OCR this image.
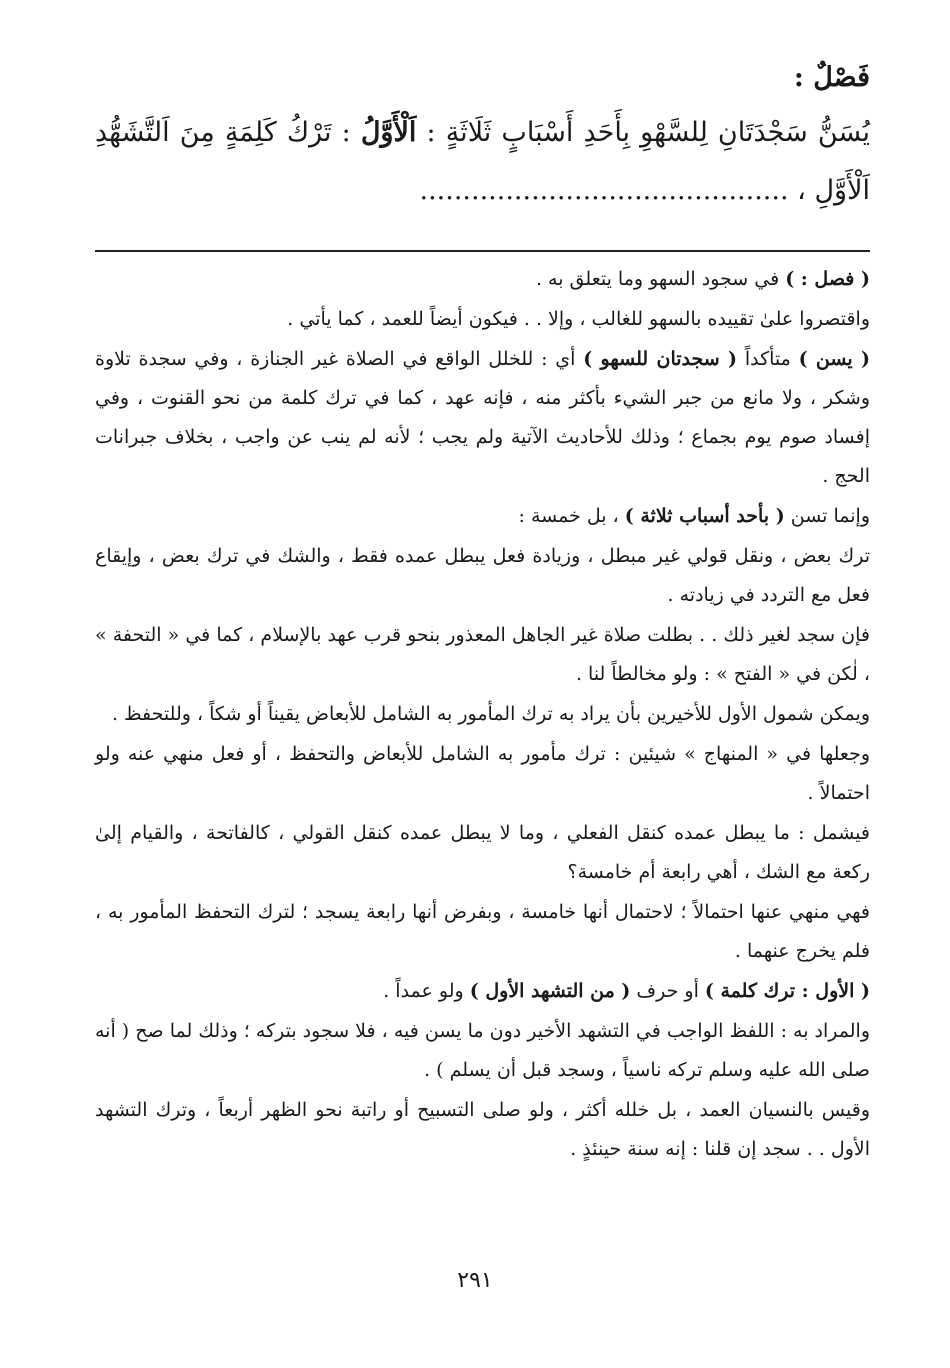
فَصْلٌ :
يُسَنُّ سَجْدَتَانِ لِلسَّهْوِ بِأَحَدِ أَسْبَابٍ ثَلَاثَةٍ : اَلْأَوَّلُ : تَرْكُ كَلِمَةٍ مِنَ اَلتَّشَهُّدِ اَلْأَوَّلِ ، ...........................................

( فصل : ) في سجود السهو وما يتعلق به .

واقتصروا علىٰ تقييده بالسهو للغالب ، وإلا . . فيكون أيضاً للعمد ، كما يأتي .

( يسن ) متأكداً ( سجدتان للسهو ) أي : للخلل الواقع في الصلاة غير الجنازة ، وفي سجدة تلاوة وشكر ، ولا مانع من جبر الشيء بأكثر منه ، فإنه عهد ، كما في ترك كلمة من نحو القنوت ، وفي إفساد صوم يوم بجماع ؛ وذلك للأحاديث الآتية ولم يجب ؛ لأنه لم ينب عن واجب ، بخلاف جبرانات الحج .

وإنما تسن ( بأحد أسباب ثلاثة ) ، بل خمسة :

ترك بعض ، ونقل قولي غير مبطل ، وزيادة فعل يبطل عمده فقط ، والشك في ترك بعض ، وإيقاع فعل مع التردد في زيادته .

فإن سجد لغير ذلك . . بطلت صلاة غير الجاهل المعذور بنحو قرب عهد بالإسلام ، كما في « التحفة » ، لٰكن في « الفتح » : ولو مخالطاً لنا .

ويمكن شمول الأول للأخيرين بأن يراد به ترك المأمور به الشامل للأبعاض يقيناً أو شكاً ، وللتحفظ .

وجعلها في « المنهاج » شيئين : ترك مأمور به الشامل للأبعاض والتحفظ ، أو فعل منهي عنه ولو احتمالاً .

فيشمل : ما يبطل عمده كنقل الفعلي ، وما لا يبطل عمده كنقل القولي ، كالفاتحة ، والقيام إلىٰ ركعة مع الشك ، أهي رابعة أم خامسة؟

فهي منهي عنها احتمالاً ؛ لاحتمال أنها خامسة ، وبفرض أنها رابعة يسجد ؛ لترك التحفظ المأمور به ، فلم يخرج عنهما .

( الأول : ترك كلمة ) أو حرف ( من التشهد الأول ) ولو عمداً .

والمراد به : اللفظ الواجب في التشهد الأخير دون ما يسن فيه ، فلا سجود بتركه ؛ وذلك لما صح ( أنه صلى الله عليه وسلم تركه ناسياً ، وسجد قبل أن يسلم ) .

وقيس بالنسيان العمد ، بل خلله أكثر ، ولو صلى التسبيح أو راتبة نحو الظهر أربعاً ، وترك التشهد الأول . . سجد إن قلنا : إنه سنة حينئذٍ .

٢٩١
